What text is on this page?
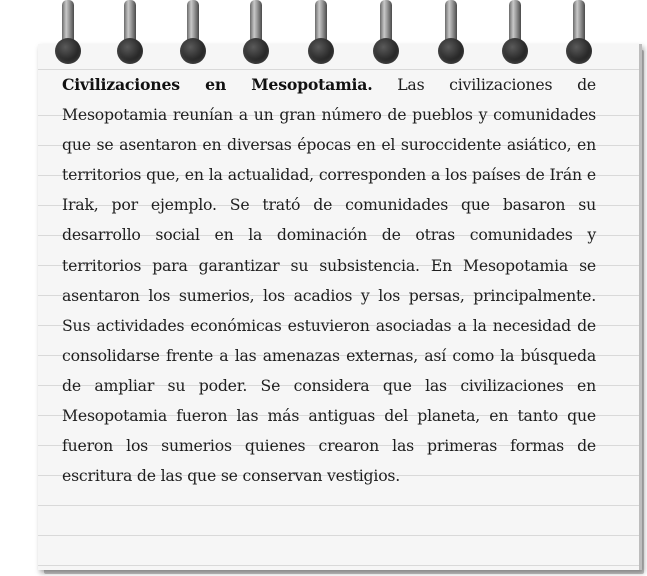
Civilizaciones en Mesopotamia. Las civilizaciones de Mesopotamia reunían a un gran número de pueblos y comunidades que se asentaron en diversas épocas en el suroccidente asiático, en territorios que, en la actualidad, corresponden a los países de Irán e Irak, por ejemplo. Se trató de comunidades que basaron su desarrollo social en la dominación de otras comunidades y territorios para garantizar su subsistencia. En Mesopotamia se asentaron los sumerios, los acadios y los persas, principalmente. Sus actividades económicas estuvieron asociadas a la necesidad de consolidarse frente a las amenazas externas, así como la búsqueda de ampliar su poder. Se considera que las civilizaciones en Mesopotamia fueron las más antiguas del planeta, en tanto que fueron los sumerios quienes crearon las primeras formas de escritura de las que se conservan vestigios.
